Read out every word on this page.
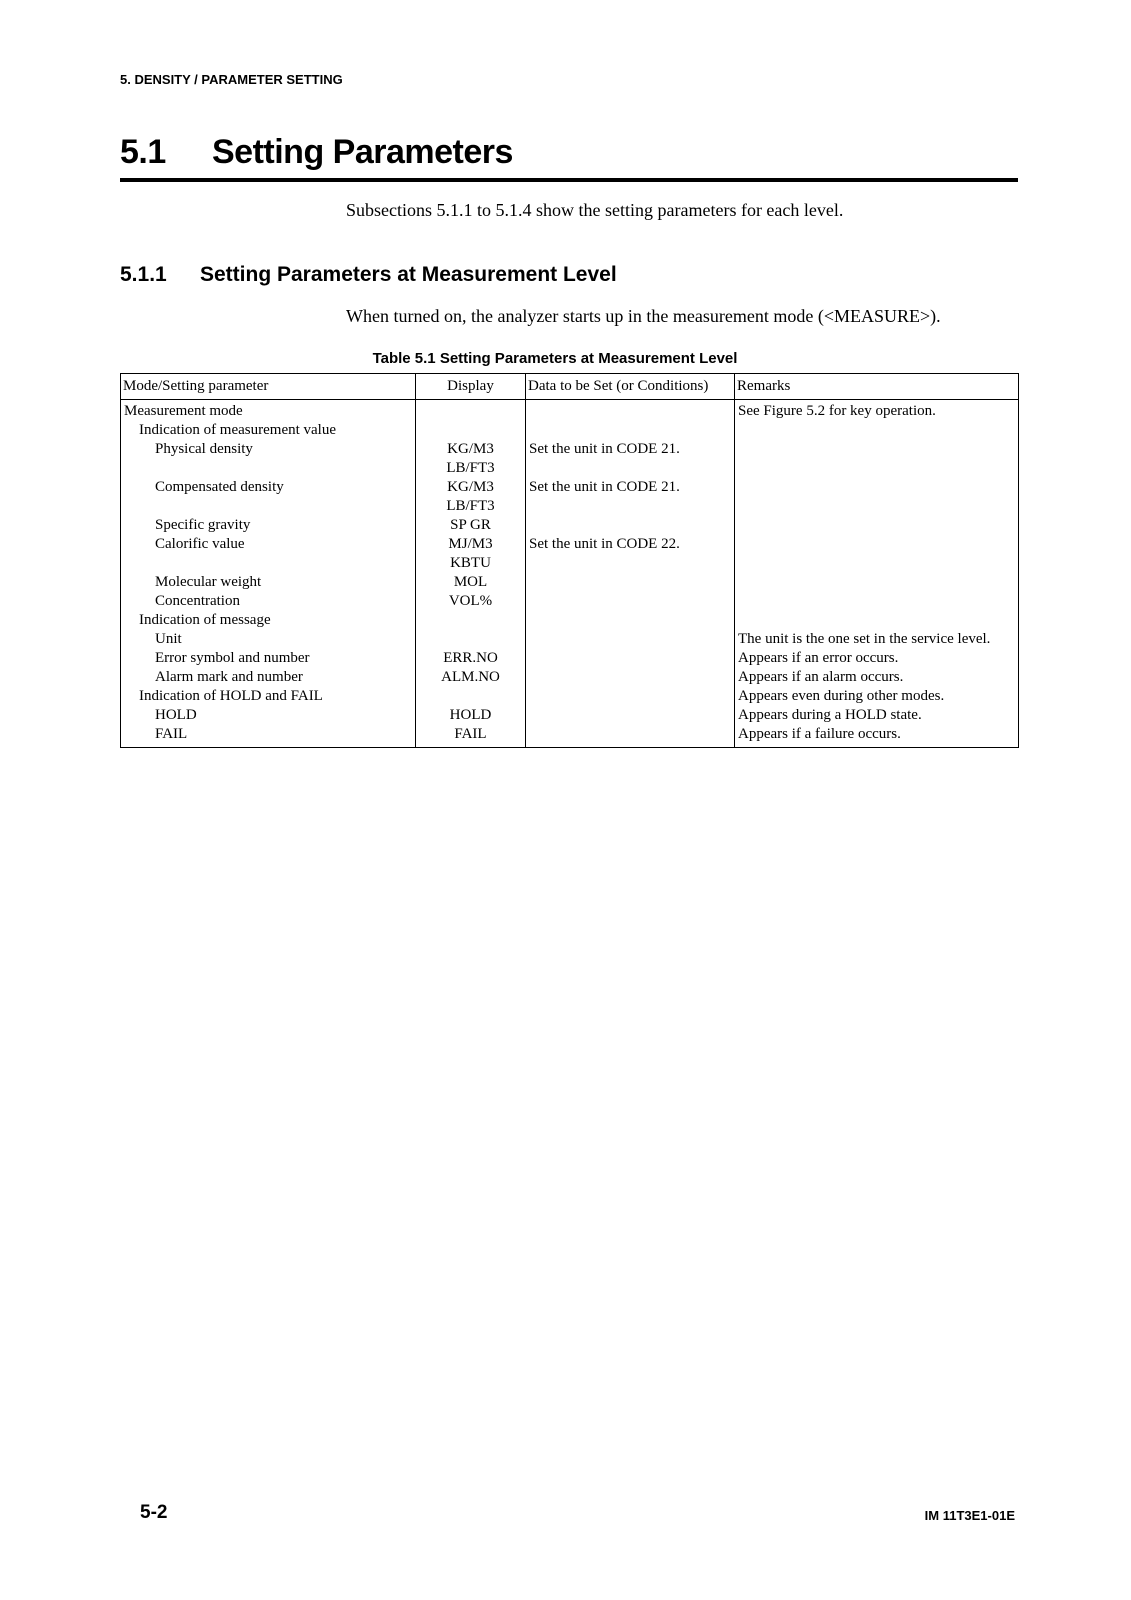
5. DENSITY / PARAMETER SETTING
5.1 Setting Parameters
Subsections 5.1.1 to 5.1.4 show the setting parameters for each level.
5.1.1 Setting Parameters at Measurement Level
When turned on, the analyzer starts up in the measurement mode (<MEASURE>).
Table 5.1 Setting Parameters at Measurement Level
Mode/Setting parameter	Display	Data to be Set (or Conditions)	Remarks
Measurement mode			See Figure 5.2 for key operation.
Indication of measurement value			
Physical density	KG/M3	Set the unit in CODE 21.	
	LB/FT3		
Compensated density	KG/M3	Set the unit in CODE 21.	
	LB/FT3		
Specific gravity	SP GR		
Calorific value	MJ/M3	Set the unit in CODE 22.	
	KBTU		
Molecular weight	MOL		
Concentration	VOL%		
Indication of message			
Unit			The unit is the one set in the service level.
Error symbol and number	ERR.NO		Appears if an error occurs.
Alarm mark and number	ALM.NO		Appears if an alarm occurs.
Indication of HOLD and FAIL			Appears even during other modes.
HOLD	HOLD		Appears during a HOLD state.
FAIL	FAIL		Appears if a failure occurs.
5-2	IM 11T3E1-01E
